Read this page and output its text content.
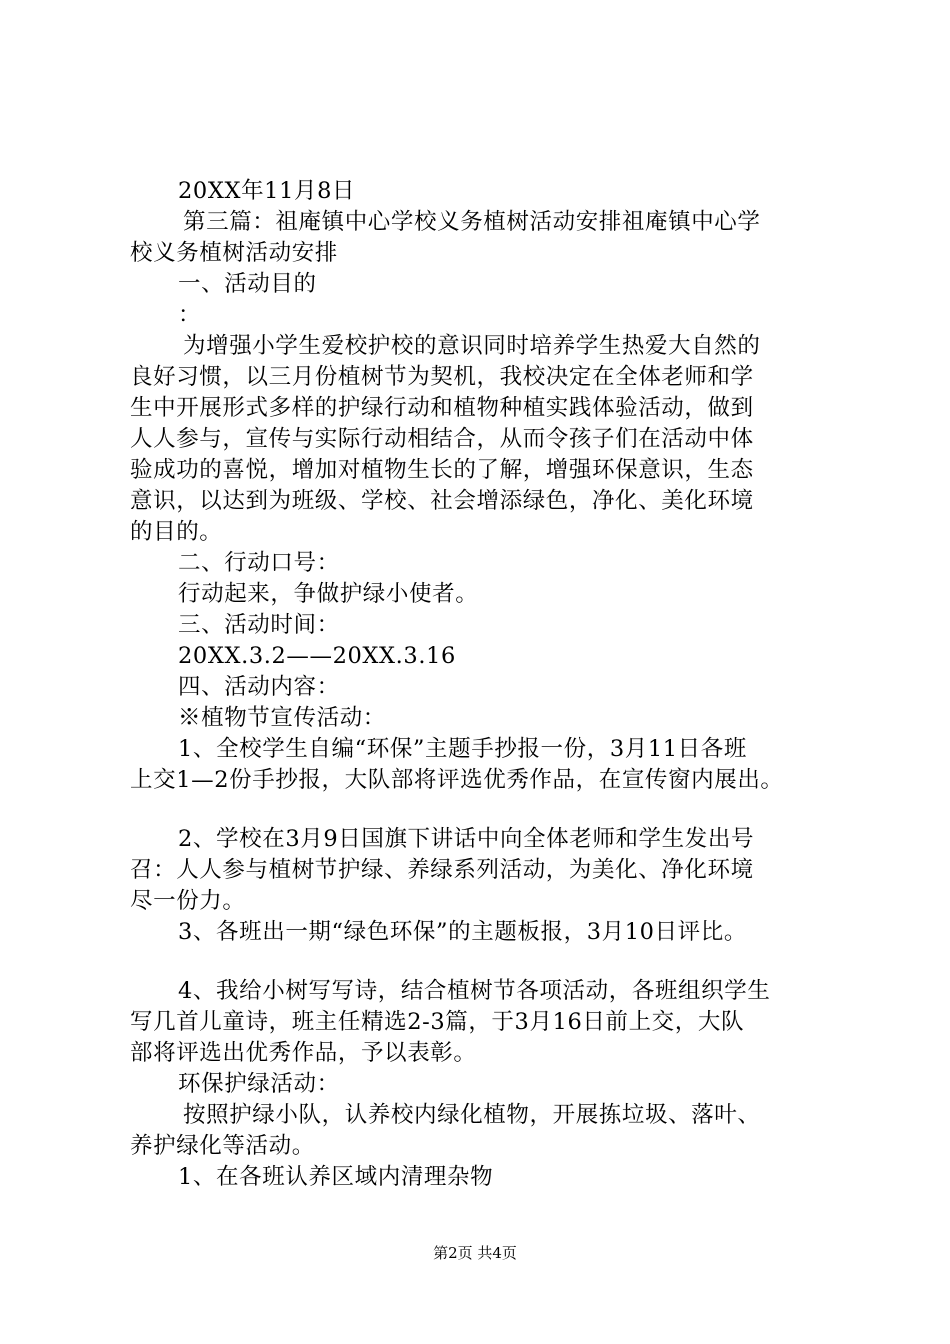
20XX年11月8日
第三篇：祖庵镇中心学校义务植树活动安排祖庵镇中心学
校义务植树活动安排
一、活动目的
：
为增强小学生爱校护校的意识同时培养学生热爱大自然的
良好习惯，以三月份植树节为契机，我校决定在全体老师和学
生中开展形式多样的护绿行动和植物种植实践体验活动，做到
人人参与，宣传与实际行动相结合，从而令孩子们在活动中体
验成功的喜悦，增加对植物生长的了解，增强环保意识，生态
意识，以达到为班级、学校、社会增添绿色，净化、美化环境
的目的。
二、行动口号：
行动起来，争做护绿小使者。
三、活动时间：
20XX.3.2——20XX.3.16
四、活动内容：
※植物节宣传活动：
1、全校学生自编“环保”主题手抄报一份，3月11日各班
上交1—2份手抄报，大队部将评选优秀作品，在宣传窗内展出。
2、学校在3月9日国旗下讲话中向全体老师和学生发出号
召：人人参与植树节护绿、养绿系列活动，为美化、净化环境
尽一份力。
3、各班出一期“绿色环保”的主题板报，3月10日评比。
4、我给小树写写诗，结合植树节各项活动，各班组织学生
写几首儿童诗，班主任精选2-3篇，于3月16日前上交，大队
部将评选出优秀作品，予以表彰。
环保护绿活动：
按照护绿小队，认养校内绿化植物，开展拣垃圾、落叶、
养护绿化等活动。
1、在各班认养区域内清理杂物
第2页 共4页
